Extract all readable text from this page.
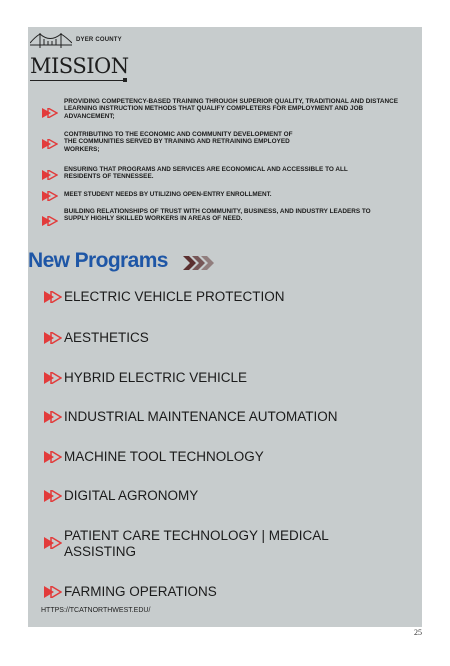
DYER COUNTY
MISSION
PROVIDING COMPETENCY-BASED TRAINING THROUGH SUPERIOR QUALITY, TRADITIONAL AND DISTANCE LEARNING INSTRUCTION METHODS THAT QUALIFY COMPLETERS FOR EMPLOYMENT AND JOB ADVANCEMENT;
CONTRIBUTING TO THE ECONOMIC AND COMMUNITY DEVELOPMENT OF THE COMMUNITIES SERVED BY TRAINING AND RETRAINING EMPLOYED WORKERS;
ENSURING THAT PROGRAMS AND SERVICES ARE ECONOMICAL AND ACCESSIBLE TO ALL RESIDENTS OF TENNESSEE.
MEET STUDENT NEEDS BY UTILIZING OPEN-ENTRY ENROLLMENT.
BUILDING RELATIONSHIPS OF TRUST WITH COMMUNITY, BUSINESS, AND INDUSTRY LEADERS TO SUPPLY HIGHLY SKILLED WORKERS IN AREAS OF NEED.
New Programs
ELECTRIC VEHICLE PROTECTION
AESTHETICS
HYBRID ELECTRIC VEHICLE
INDUSTRIAL MAINTENANCE AUTOMATION
MACHINE TOOL TECHNOLOGY
DIGITAL AGRONOMY
PATIENT CARE TECHNOLOGY | MEDICAL ASSISTING
FARMING OPERATIONS
HTTPS://TCATNORTHWEST.EDU/
25
